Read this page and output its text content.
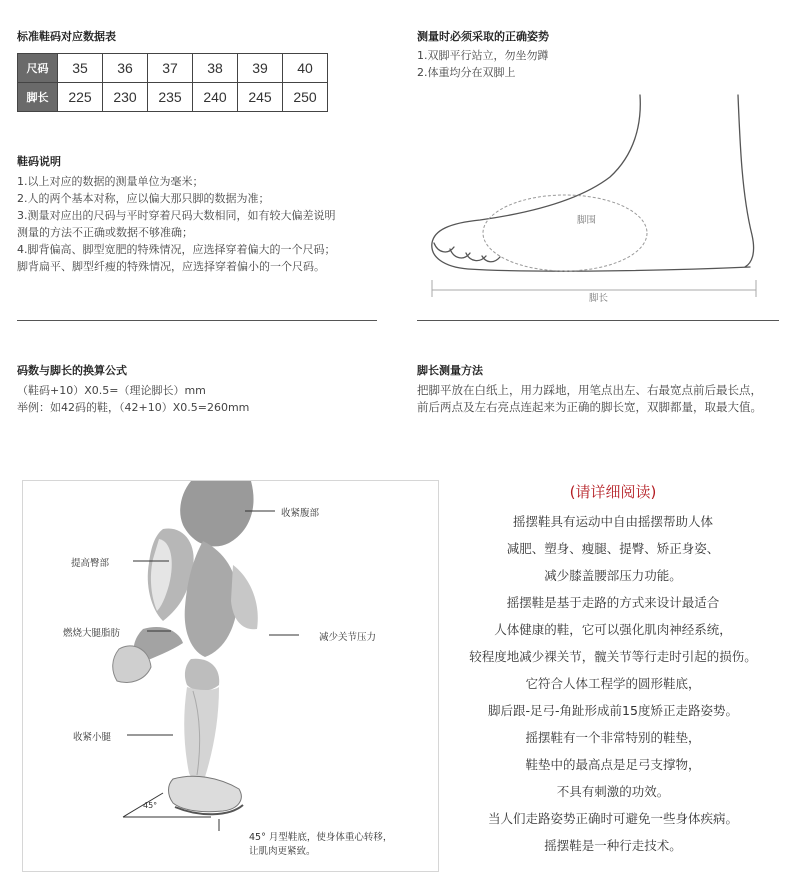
标准鞋码对应数据表
尺码	35	36	37	38	39	40
脚长	225	230	235	240	245	250
鞋码说明
1.以上对应的数据的测量单位为毫米；
2.人的两个基本对称，应以偏大那只脚的数据为准；
3.测量对应出的尺码与平时穿着尺码大数相同，如有较大偏差说明
测量的方法不正确或数据不够准确；
4.脚背偏高、脚型宽肥的特殊情况，应选择穿着偏大的一个尺码；
脚背扁平、脚型纤瘦的特殊情况，应选择穿着偏小的一个尺码。
测量时必须采取的正确姿势
1.双脚平行站立，勿坐勿蹲
2.体重均分在双脚上
脚围
脚长
码数与脚长的换算公式
（鞋码+10）X0.5=（理论脚长）mm
举例：如42码的鞋，（42+10）X0.5=260mm
脚长测量方法
把脚平放在白纸上，用力踩地，用笔点出左、右最宽点前后最长点，
前后两点及左右亮点连起来为正确的脚长宽，双脚都量，取最大值。
收紧腹部
提高臀部
燃烧大腿脂肪	减少关节压力
收紧小腿
45°
45° 月型鞋底，使身体重心转移，
让肌肉更紧致。
(请详细阅读)
摇摆鞋具有运动中自由摇摆帮助人体
减肥、塑身、瘦腿、提臀、矫正身姿、
减少膝盖腰部压力功能。
摇摆鞋是基于走路的方式来设计最适合
人体健康的鞋，它可以强化肌肉神经系统，
较程度地减少裸关节，髋关节等行走时引起的损伤。
它符合人体工程学的圆形鞋底，
脚后跟-足弓-角趾形成前15度矫正走路姿势。
摇摆鞋有一个非常特别的鞋垫，
鞋垫中的最高点是足弓支撑物，
不具有刺激的功效。
当人们走路姿势正确时可避免一些身体疾病。
摇摆鞋是一种行走技术。
